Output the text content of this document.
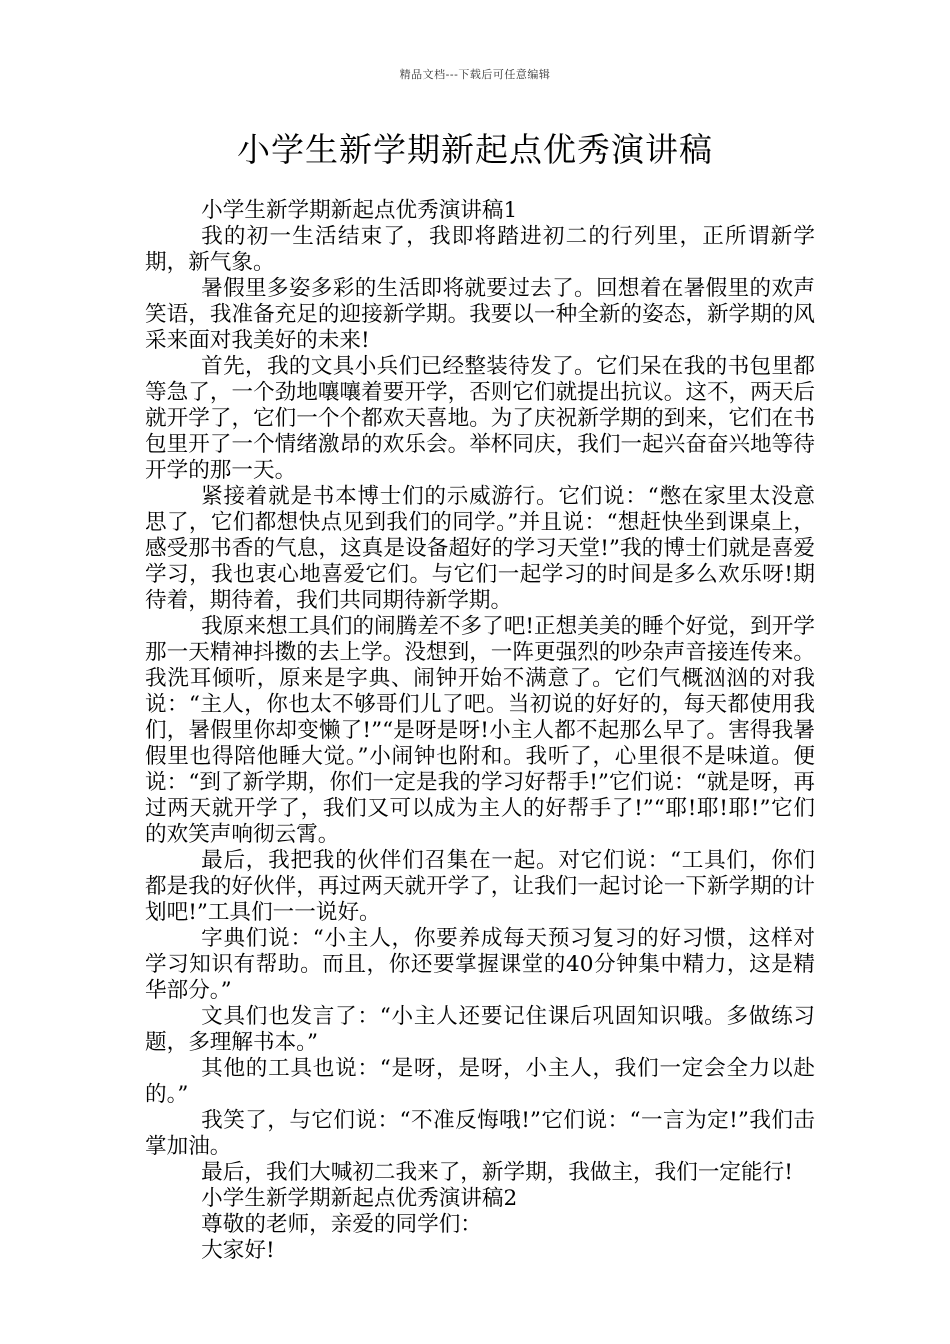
精品文档---下载后可任意编辑
小学生新学期新起点优秀演讲稿

小学生新学期新起点优秀演讲稿1

我的初一生活结束了，我即将踏进初二的行列里，正所谓新学期，新气象。

暑假里多姿多彩的生活即将就要过去了。回想着在暑假里的欢声笑语，我准备充足的迎接新学期。我要以一种全新的姿态，新学期的风采来面对我美好的未来!

首先，我的文具小兵们已经整装待发了。它们呆在我的书包里都等急了，一个劲地嚷嚷着要开学，否则它们就提出抗议。这不，两天后就开学了，它们一个个都欢天喜地。为了庆祝新学期的到来，它们在书包里开了一个情绪激昂的欢乐会。举杯同庆，我们一起兴奋奋兴地等待开学的那一天。

紧接着就是书本博士们的示威游行。它们说：“憋在家里太没意思了，它们都想快点见到我们的同学。”并且说：“想赶快坐到课桌上，感受那书香的气息，这真是设备超好的学习天堂!”我的博士们就是喜爱学习，我也衷心地喜爱它们。与它们一起学习的时间是多么欢乐呀!期待着，期待着，我们共同期待新学期。

我原来想工具们的闹腾差不多了吧!正想美美的睡个好觉，到开学那一天精神抖擞的去上学。没想到，一阵更强烈的吵杂声音接连传来。我洗耳倾听，原来是字典、闹钟开始不满意了。它们气概汹汹的对我说：“主人，你也太不够哥们儿了吧。当初说的好好的，每天都使用我们，暑假里你却变懒了!”“是呀是呀!小主人都不起那么早了。害得我暑假里也得陪他睡大觉。”小闹钟也附和。我听了，心里很不是味道。便说：“到了新学期，你们一定是我的学习好帮手!”它们说：“就是呀，再过两天就开学了，我们又可以成为主人的好帮手了!”“耶!耶!耶!”它们的欢笑声响彻云霄。

最后，我把我的伙伴们召集在一起。对它们说：“工具们，你们都是我的好伙伴，再过两天就开学了，让我们一起讨论一下新学期的计划吧!”工具们一一说好。

字典们说：“小主人，你要养成每天预习复习的好习惯，这样对学习知识有帮助。而且，你还要掌握课堂的40分钟集中精力，这是精华部分。”

文具们也发言了：“小主人还要记住课后巩固知识哦。多做练习题，多理解书本。”

其他的工具也说：“是呀，是呀，小主人，我们一定会全力以赴的。”

我笑了，与它们说：“不准反悔哦!”它们说：“一言为定!”我们击掌加油。

最后，我们大喊初二我来了，新学期，我做主，我们一定能行!

小学生新学期新起点优秀演讲稿2

尊敬的老师，亲爱的同学们：

大家好!
